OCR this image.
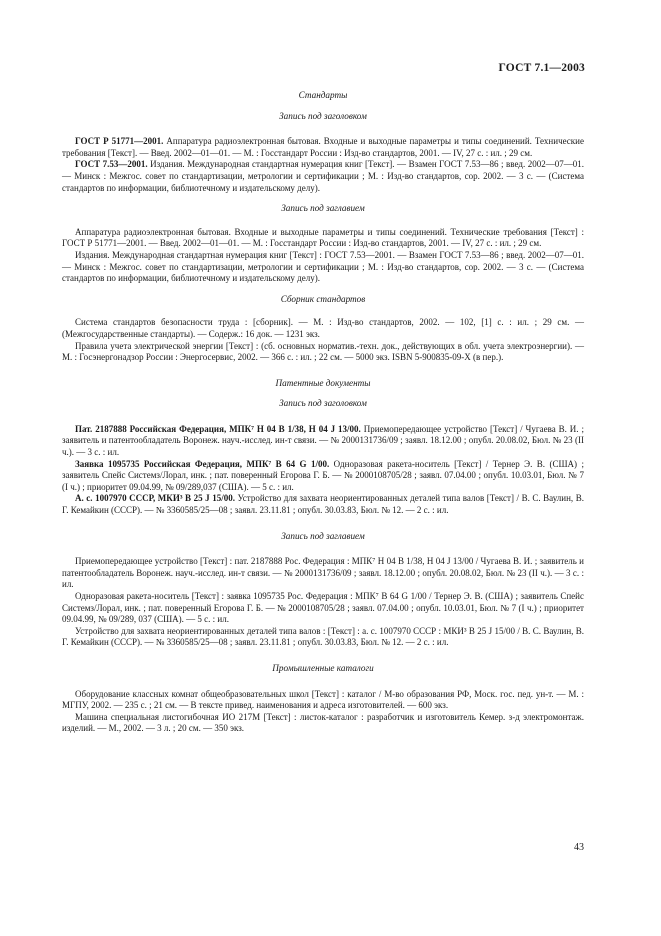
ГОСТ 7.1—2003
Стандарты
Запись под заголовком

ГОСТ Р 51771—2001. Аппаратура радиоэлектронная бытовая. Входные и выходные параметры и типы соединений. Технические требования [Текст]. — Введ. 2002—01—01. — М. : Госстандарт России : Изд-во стандартов, 2001. — IV, 27 с. : ил. ; 29 см.

ГОСТ 7.53—2001. Издания. Международная стандартная нумерация книг [Текст]. — Взамен ГОСТ 7.53—86 ; введ. 2002—07—01. — Минск : Межгос. совет по стандартизации, метрологии и сертификации ; М. : Изд-во стандартов, сор. 2002. — 3 с. — (Система стандартов по информации, библиотечному и издательскому делу).

Запись под заглавием

Аппаратура радиоэлектронная бытовая. Входные и выходные параметры и типы соединений. Технические требования [Текст] : ГОСТ Р 51771—2001. — Введ. 2002—01—01. — М. : Госстандарт России : Изд-во стандартов, 2001. — IV, 27 с. : ил. ; 29 см.

Издания. Международная стандартная нумерация книг [Текст] : ГОСТ 7.53—2001. — Взамен ГОСТ 7.53—86 ; введ. 2002—07—01. — Минск : Межгос. совет по стандартизации, метрологии и сертификации ; М. : Изд-во стандартов, сор. 2002. — 3 с. — (Система стандартов по информации, библиотечному и издательскому делу).

Сборник стандартов

Система стандартов безопасности труда : [сборник]. — М. : Изд-во стандартов, 2002. — 102, [1] с. : ил. ; 29 см. — (Межгосударственные стандарты). — Содерж.: 16 док. — 1231 экз.

Правила учета электрической энергии [Текст] : (сб. основных норматив.-техн. док., действующих в обл. учета электроэнергии). — М. : Госэнергонадзор России : Энергосервис, 2002. — 366 с. : ил. ; 22 см. — 5000 экз. ISBN 5-900835-09-X (в пер.).

Патентные документы
Запись под заголовком

Пат. 2187888 Российская Федерация, МПК⁷ Н 04 В 1/38, Н 04 J 13/00. Приемопередающее устройство [Текст] / Чугаева В. И. ; заявитель и патентообладатель Воронеж. науч.-исслед. ин-т связи. — № 2000131736/09 ; заявл. 18.12.00 ; опубл. 20.08.02, Бюл. № 23 (II ч.). — 3 с. : ил.

Заявка 1095735 Российская Федерация, МПК⁷ В 64 G 1/00. Одноразовая ракета-носитель [Текст] / Тернер Э. В. (США) ; заявитель Спейс Системз/Лорал, инк. ; пат. поверенный Егорова Г. Б. — № 2000108705/28 ; заявл. 07.04.00 ; опубл. 10.03.01, Бюл. № 7 (I ч.) ; приоритет 09.04.99, № 09/289,037 (США). — 5 с. : ил.

А. с. 1007970 СССР, МКИ³ В 25 J 15/00. Устройство для захвата неориентированных деталей типа валов [Текст] / В. С. Ваулин, В. Г. Кемайкин (СССР). — № 3360585/25—08 ; заявл. 23.11.81 ; опубл. 30.03.83, Бюл. № 12. — 2 с. : ил.

Запись под заглавием

Приемопередающее устройство [Текст] : пат. 2187888 Рос. Федерация : МПК⁷ Н 04 В 1/38, Н 04 J 13/00 / Чугаева В. И. ; заявитель и патентообладатель Воронеж. науч.-исслед. ин-т связи. — № 2000131736/09 ; заявл. 18.12.00 ; опубл. 20.08.02, Бюл. № 23 (II ч.). — 3 с. : ил.

Одноразовая ракета-носитель [Текст] : заявка 1095735 Рос. Федерация : МПК⁷ В 64 G 1/00 / Тернер Э. В. (США) ; заявитель Спейс Системз/Лорал, инк. ; пат. поверенный Егорова Г. Б. — № 2000108705/28 ; заявл. 07.04.00 ; опубл. 10.03.01, Бюл. № 7 (I ч.) ; приоритет 09.04.99, № 09/289, 037 (США). — 5 с. : ил.

Устройство для захвата неориентированных деталей типа валов : [Текст] : а. с. 1007970 СССР : МКИ³ В 25 J 15/00 / В. С. Ваулин, В. Г. Кемайкин (СССР). — № 3360585/25—08 ; заявл. 23.11.81 ; опубл. 30.03.83, Бюл. № 12. — 2 с. : ил.

Промышленные каталоги

Оборудование классных комнат общеобразовательных школ [Текст] : каталог / М-во образования РФ, Моск. гос. пед. ун-т. — М. : МГПУ, 2002. — 235 с. ; 21 см. — В тексте привед. наименования и адреса изготовителей. — 600 экз.

Машина специальная листогибочная ИО 217М [Текст] : листок-каталог : разработчик и изготовитель Кемер. з-д электромонтаж. изделий. — М., 2002. — 3 л. ; 20 см. — 350 экз.

43
